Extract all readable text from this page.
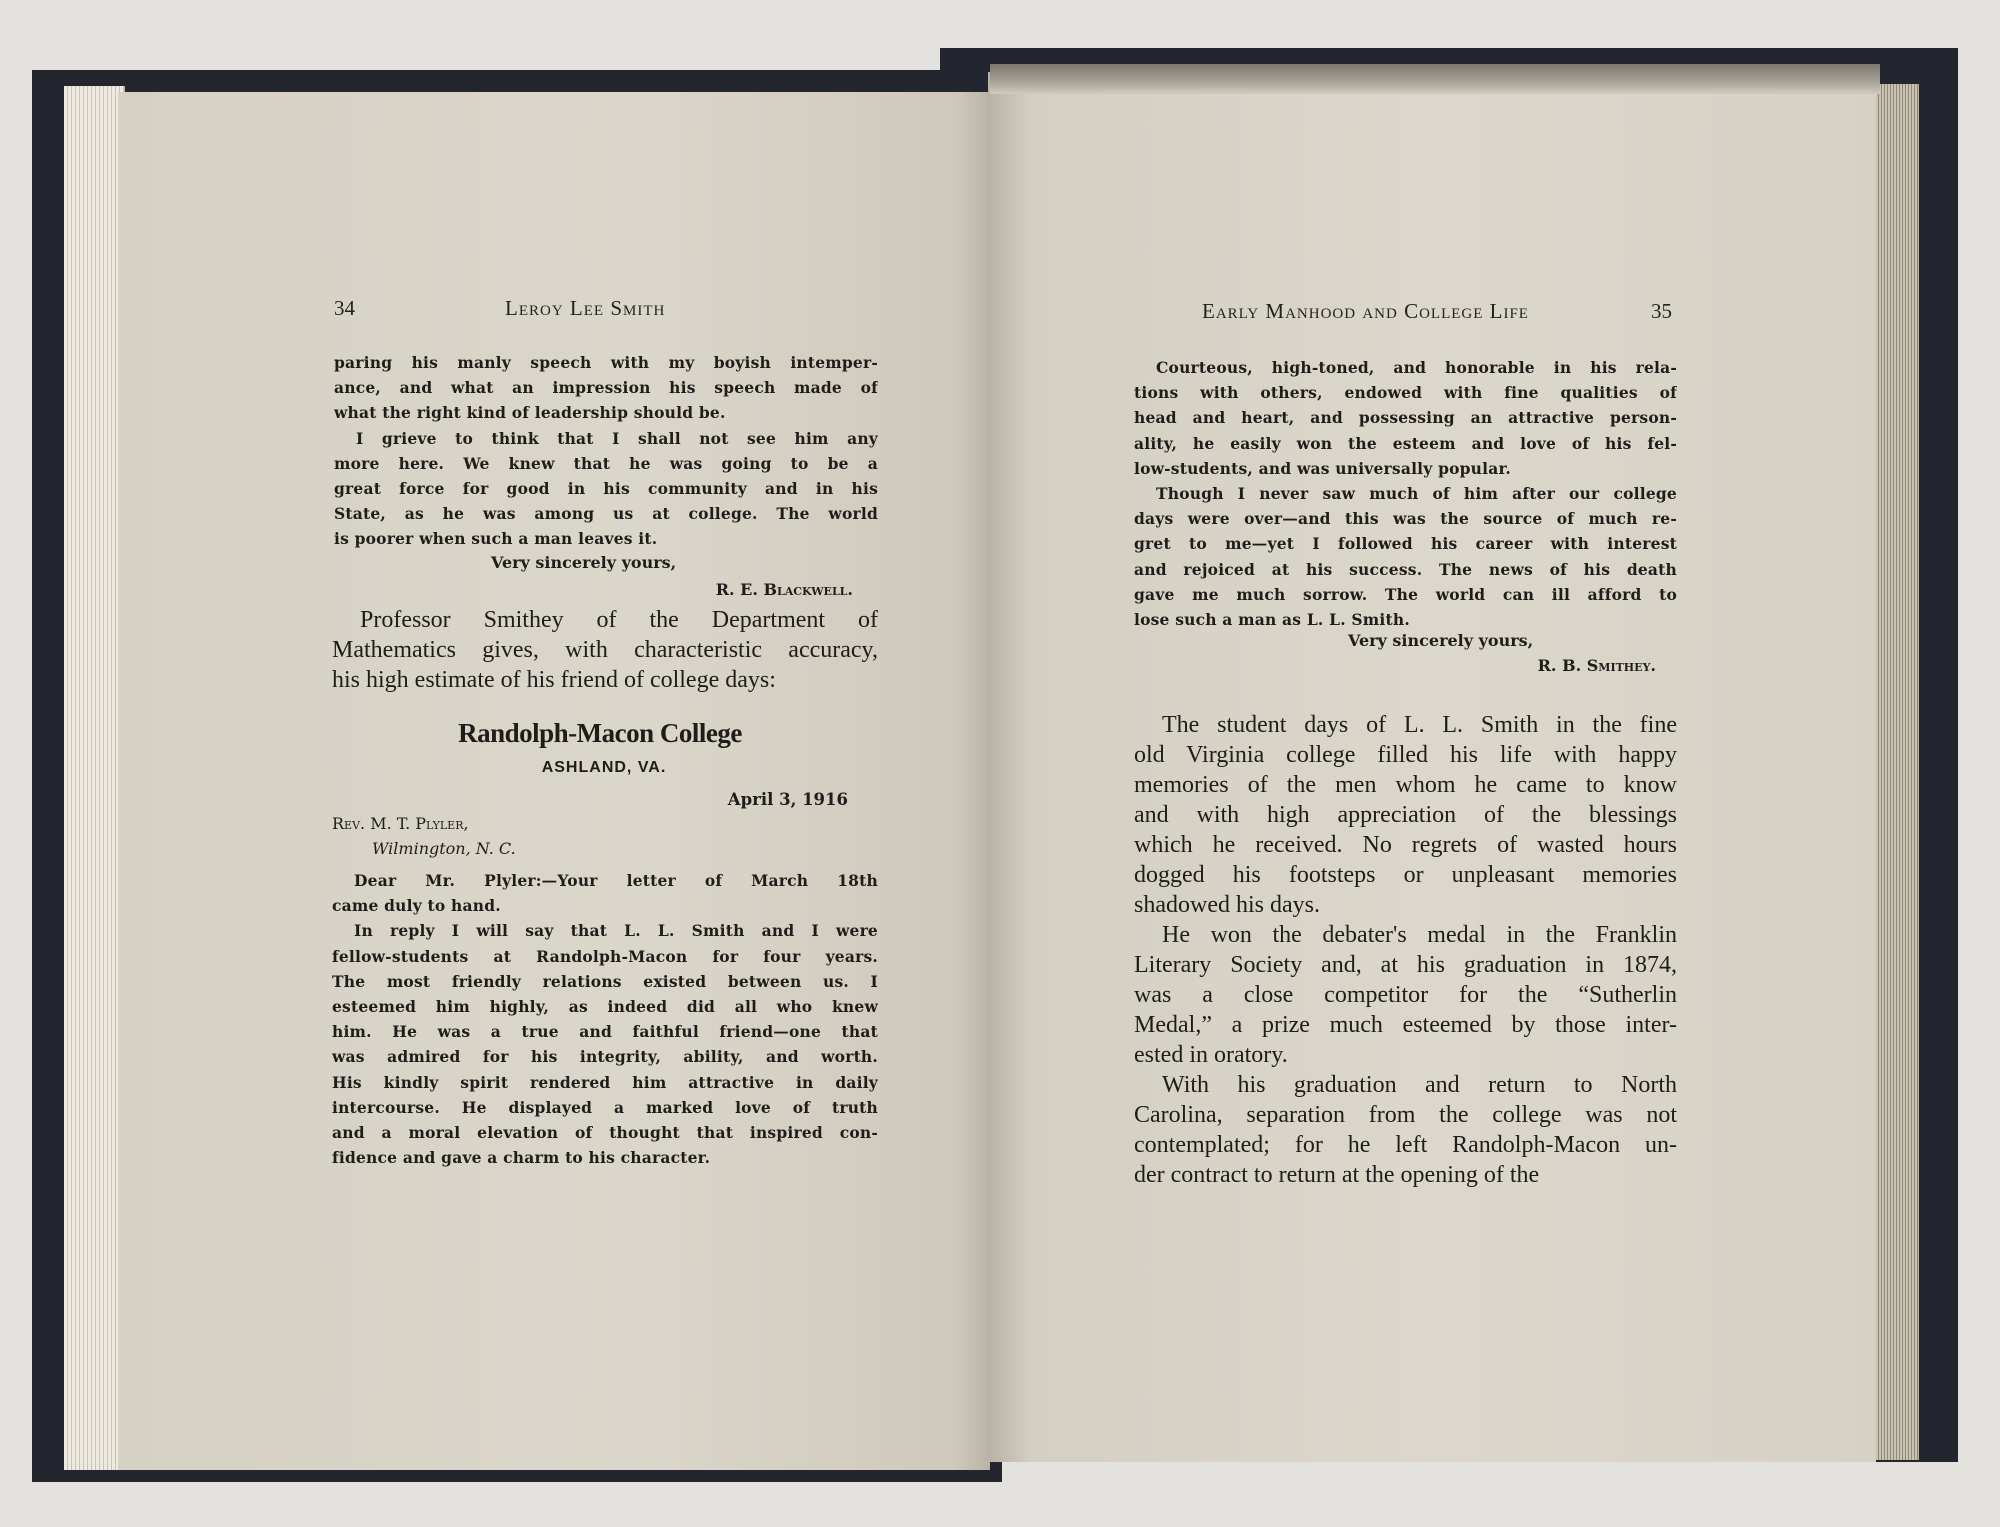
34	Leroy Lee Smith
paring his manly speech with my boyish intemper-
ance, and what an impression his speech made of
what the right kind of leadership should be.
I grieve to think that I shall not see him any
more here. We knew that he was going to be a
great force for good in his community and in his
State, as he was among us at college. The world
is poorer when such a man leaves it.
Very sincerely yours,
R. E. Blackwell.
Professor Smithey of the Department of
Mathematics gives, with characteristic accuracy,
his high estimate of his friend of college days:
Randolph-Macon College
ASHLAND, VA.
April 3, 1916
Rev. M. T. Plyler,
Wilmington, N. C.
Dear Mr. Plyler:—Your letter of March 18th
came duly to hand.
In reply I will say that L. L. Smith and I were
fellow-students at Randolph-Macon for four years.
The most friendly relations existed between us. I
esteemed him highly, as indeed did all who knew
him. He was a true and faithful friend—one that
was admired for his integrity, ability, and worth.
His kindly spirit rendered him attractive in daily
intercourse. He displayed a marked love of truth
and a moral elevation of thought that inspired con-
fidence and gave a charm to his character.
Early Manhood and College Life	35
Courteous, high-toned, and honorable in his rela-
tions with others, endowed with fine qualities of
head and heart, and possessing an attractive person-
ality, he easily won the esteem and love of his fel-
low-students, and was universally popular.
Though I never saw much of him after our college
days were over—and this was the source of much re-
gret to me—yet I followed his career with interest
and rejoiced at his success. The news of his death
gave me much sorrow. The world can ill afford to
lose such a man as L. L. Smith.
Very sincerely yours,
R. B. Smithey.
The student days of L. L. Smith in the fine
old Virginia college filled his life with happy
memories of the men whom he came to know
and with high appreciation of the blessings
which he received. No regrets of wasted hours
dogged his footsteps or unpleasant memories
shadowed his days.
He won the debater's medal in the Franklin
Literary Society and, at his graduation in 1874,
was a close competitor for the “Sutherlin
Medal,” a prize much esteemed by those inter-
ested in oratory.
With his graduation and return to North
Carolina, separation from the college was not
contemplated; for he left Randolph-Macon un-
der contract to return at the opening of the
